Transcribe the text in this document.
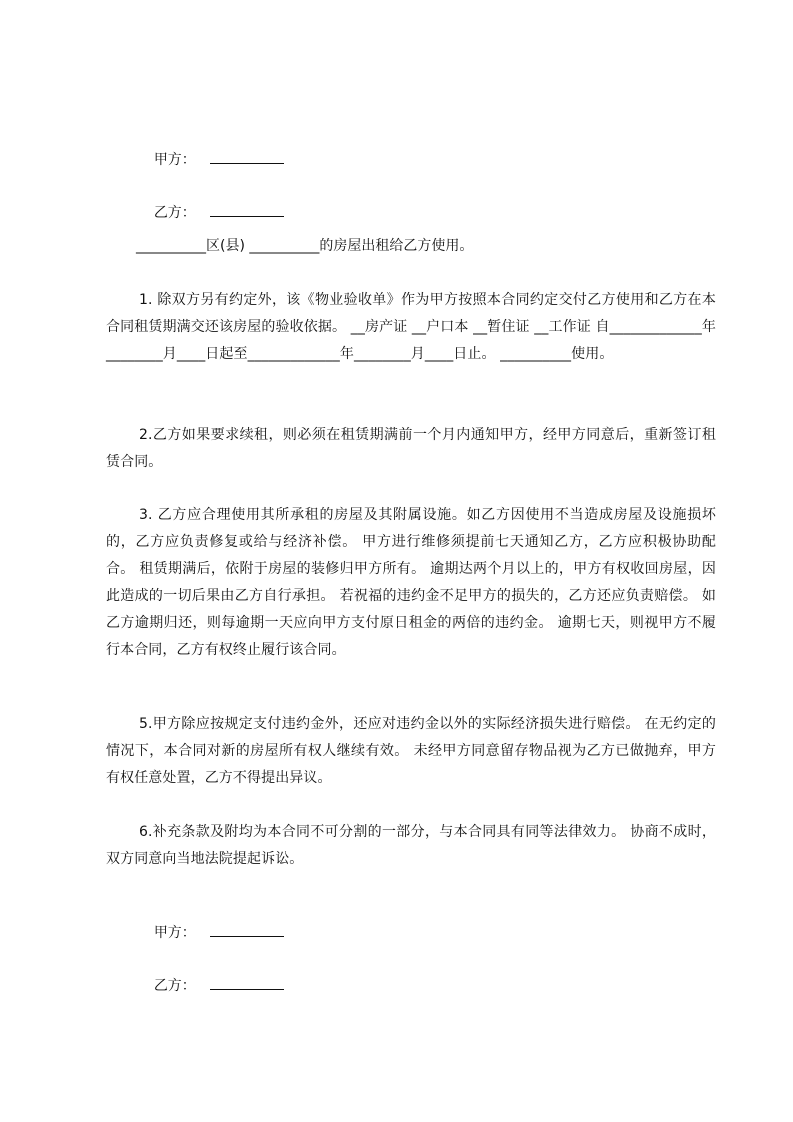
甲方：

乙方：

__________区(县) __________的房屋出租给乙方使用。
1. 除双方另有约定外，该《物业验收单》作为甲方按照本合同约定交付乙方使用和乙方在本合同租赁期满交还该房屋的验收依据。 __房产证 __户口本 __暂住证 __工作证 自_____________年________月____日起至_____________年________月____日止。 __________使用。
2.乙方如果要求续租，则必须在租赁期满前一个月内通知甲方，经甲方同意后，重新签订租赁合同。
3. 乙方应合理使用其所承租的房屋及其附属设施。如乙方因使用不当造成房屋及设施损坏的，乙方应负责修复或给与经济补偿。 甲方进行维修须提前七天通知乙方，乙方应积极协助配合。 租赁期满后，依附于房屋的装修归甲方所有。 逾期达两个月以上的，甲方有权收回房屋，因此造成的一切后果由乙方自行承担。 若祝福的违约金不足甲方的损失的，乙方还应负责赔偿。 如乙方逾期归还，则每逾期一天应向甲方支付原日租金的两倍的违约金。 逾期七天，则视甲方不履行本合同，乙方有权终止履行该合同。
5.甲方除应按规定支付违约金外，还应对违约金以外的实际经济损失进行赔偿。 在无约定的情况下，本合同对新的房屋所有权人继续有效。 未经甲方同意留存物品视为乙方已做抛弃，甲方有权任意处置，乙方不得提出异议。
6.补充条款及附均为本合同不可分割的一部分，与本合同具有同等法律效力。 协商不成时，双方同意向当地法院提起诉讼。

甲方：

乙方：
